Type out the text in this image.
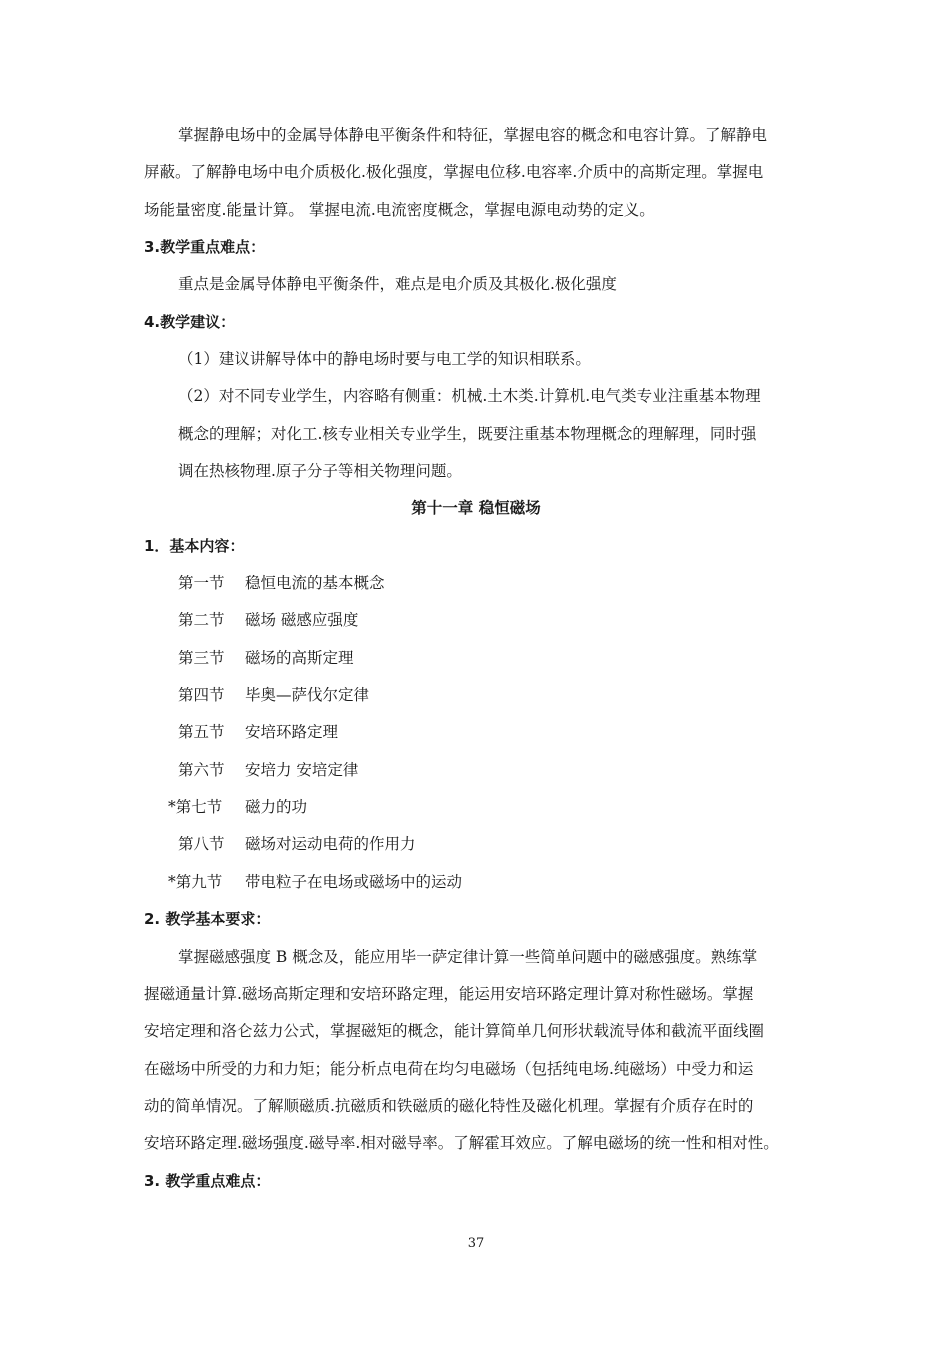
掌握静电场中的金属导体静电平衡条件和特征，掌握电容的概念和电容计算。了解静电
屏蔽。了解静电场中电介质极化.极化强度，掌握电位移.电容率.介质中的高斯定理。掌握电
场能量密度.能量计算。 掌握电流.电流密度概念，掌握电源电动势的定义。
3.教学重点难点：
重点是金属导体静电平衡条件，难点是电介质及其极化.极化强度
4.教学建议：
（1）建议讲解导体中的静电场时要与电工学的知识相联系。
（2）对不同专业学生，内容略有侧重：机械.土木类.计算机.电气类专业注重基本物理
概念的理解；对化工.核专业相关专业学生，既要注重基本物理概念的理解理，同时强
调在热核物理.原子分子等相关物理问题。
第十一章 稳恒磁场
1．基本内容：
第一节 稳恒电流的基本概念
第二节 磁场 磁感应强度
第三节 磁场的高斯定理
第四节 毕奥—萨伐尔定律
第五节 安培环路定理
第六节 安培力 安培定律
*第七节 磁力的功
第八节 磁场对运动电荷的作用力
*第九节 带电粒子在电场或磁场中的运动
2. 教学基本要求：
掌握磁感强度 B 概念及，能应用毕一萨定律计算一些简单问题中的磁感强度。熟练掌
握磁通量计算.磁场高斯定理和安培环路定理，能运用安培环路定理计算对称性磁场。掌握
安培定理和洛仑兹力公式，掌握磁矩的概念，能计算简单几何形状载流导体和截流平面线圈
在磁场中所受的力和力矩；能分析点电荷在均匀电磁场（包括纯电场.纯磁场）中受力和运
动的简单情况。了解顺磁质.抗磁质和铁磁质的磁化特性及磁化机理。掌握有介质存在时的
安培环路定理.磁场强度.磁导率.相对磁导率。了解霍耳效应。了解电磁场的统一性和相对性。
3. 教学重点难点：
37
